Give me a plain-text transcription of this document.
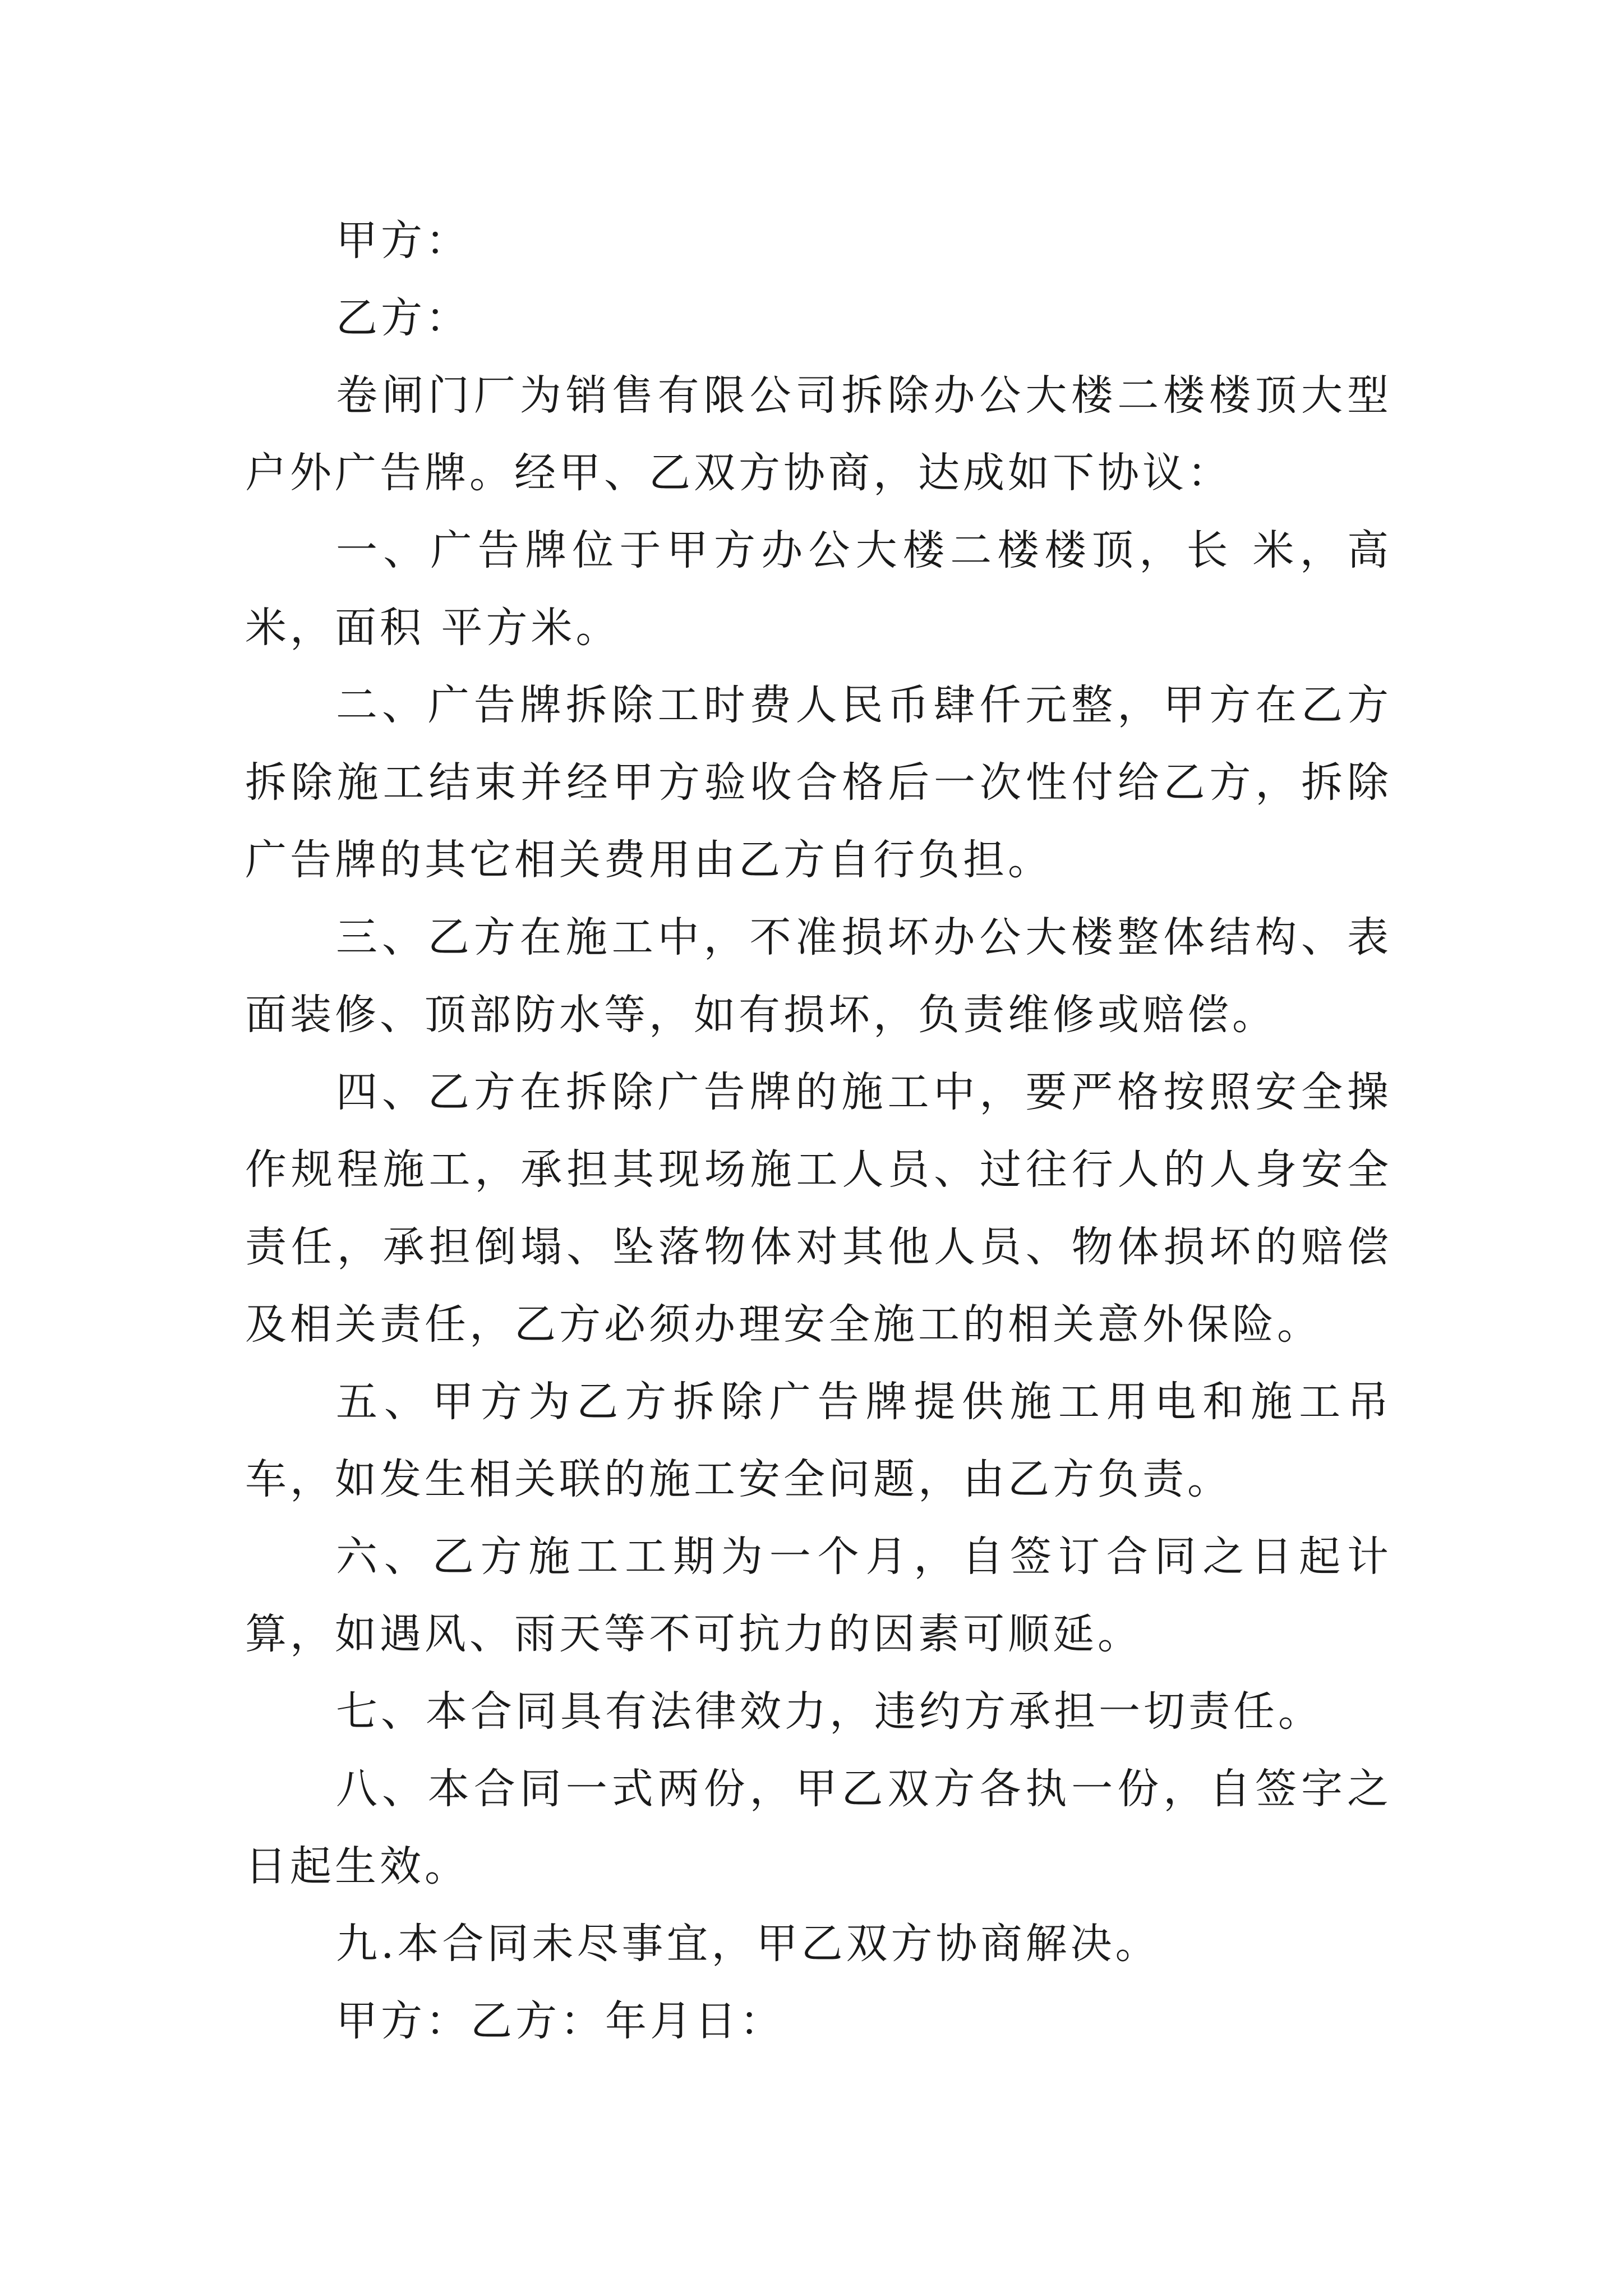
甲方：

乙方：

卷闸门厂为销售有限公司拆除办公大楼二楼楼顶大型户外广告牌。经甲、乙双方协商，达成如下协议：

一、广告牌位于甲方办公大楼二楼楼顶，长 米，高 米，面积 平方米。

二、广告牌拆除工时费人民币肆仟元整，甲方在乙方拆除施工结束并经甲方验收合格后一次性付给乙方，拆除广告牌的其它相关费用由乙方自行负担。

三、乙方在施工中，不准损坏办公大楼整体结构、表面装修、顶部防水等，如有损坏，负责维修或赔偿。

四、乙方在拆除广告牌的施工中，要严格按照安全操作规程施工，承担其现场施工人员、过往行人的人身安全责任，承担倒塌、坠落物体对其他人员、物体损坏的赔偿及相关责任，乙方必须办理安全施工的相关意外保险。

五、甲方为乙方拆除广告牌提供施工用电和施工吊车，如发生相关联的施工安全问题，由乙方负责。

六、乙方施工工期为一个月，自签订合同之日起计算，如遇风、雨天等不可抗力的因素可顺延。

七、本合同具有法律效力，违约方承担一切责任。

八、本合同一式两份，甲乙双方各执一份，自签字之日起生效。

九.本合同未尽事宜，甲乙双方协商解决。

甲方：乙方：年月日：
